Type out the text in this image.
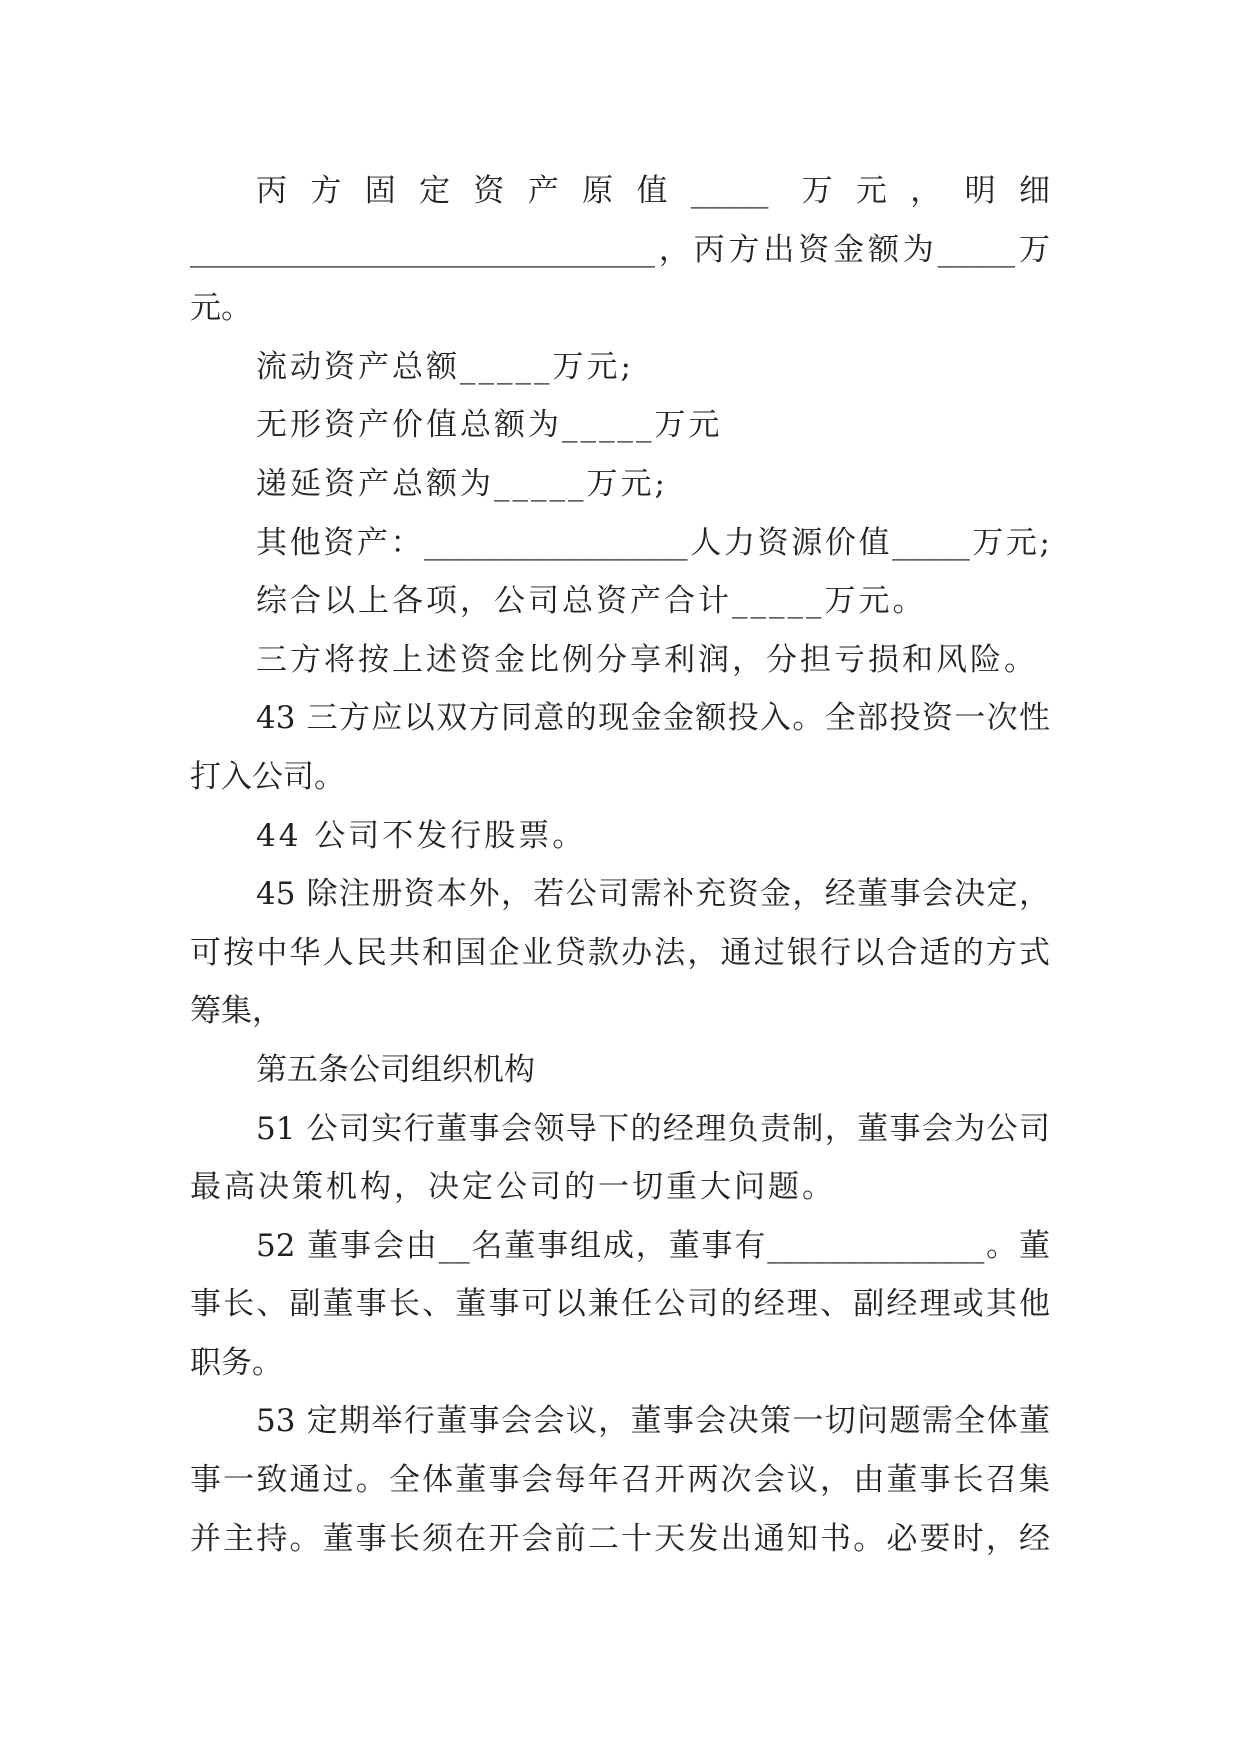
丙方固定资产原值_____ 万元，明细
______________________________，丙方出资金额为_____万
元。
流动资产总额_____万元;
无形资产价值总额为_____万元
递延资产总额为_____万元;
其他资产：_________________人力资源价值_____万元;
综合以上各项，公司总资产合计_____万元。
三方将按上述资金比例分享利润，分担亏损和风险。
43 三方应以双方同意的现金金额投入。全部投资一次性
打入公司。
44 公司不发行股票。
45 除注册资本外，若公司需补充资金，经董事会决定，
可按中华人民共和国企业贷款办法，通过银行以合适的方式
筹集，
第五条公司组织机构
51 公司实行董事会领导下的经理负责制，董事会为公司
最高决策机构，决定公司的一切重大问题。
52 董事会由__名董事组成，董事有______________。董
事长、副董事长、董事可以兼任公司的经理、副经理或其他
职务。
53 定期举行董事会会议，董事会决策一切问题需全体董
事一致通过。全体董事会每年召开两次会议，由董事长召集
并主持。董事长须在开会前二十天发出通知书。必要时，经
